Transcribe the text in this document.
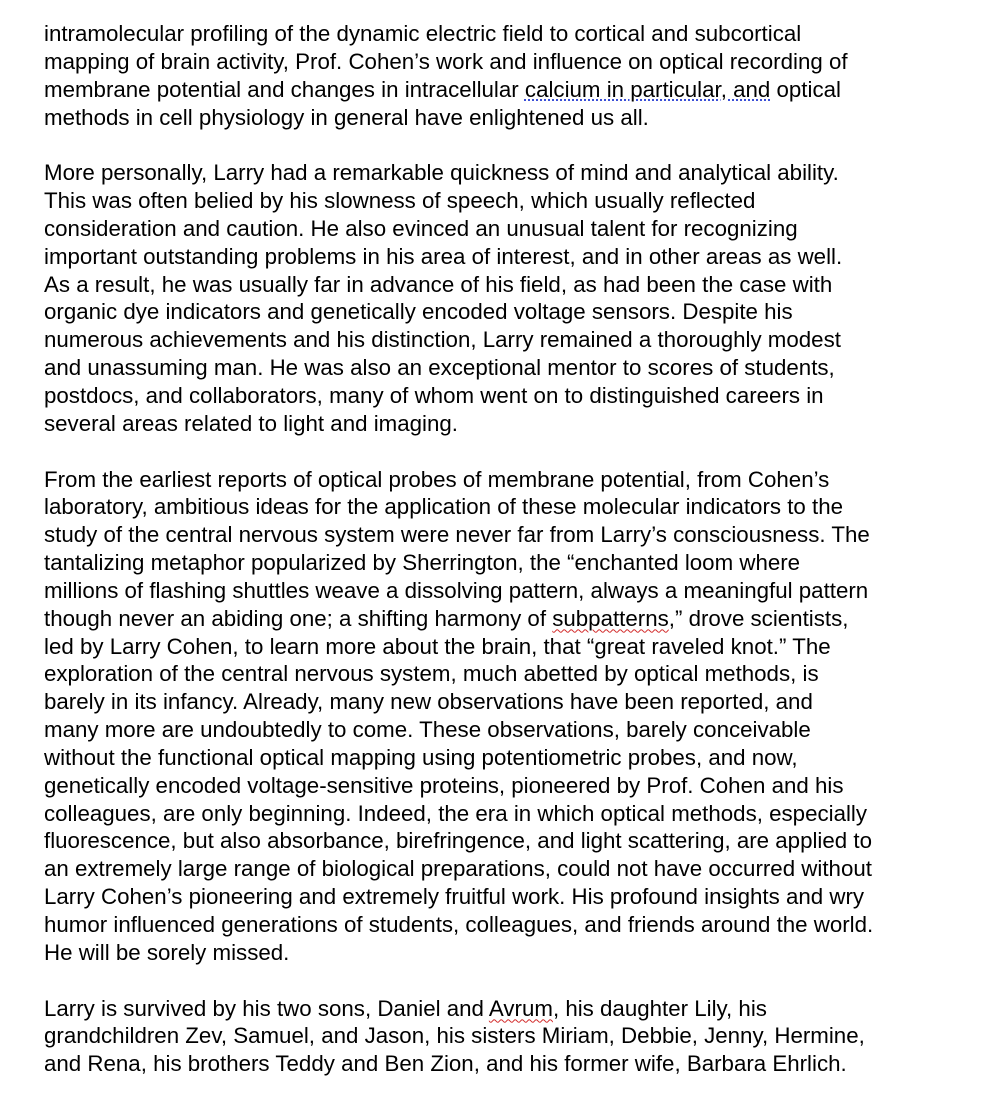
intramolecular profiling of the dynamic electric field to cortical and subcortical
mapping of brain activity, Prof. Cohen’s work and influence on optical recording of
membrane potential and changes in intracellular calcium in particular, and optical
methods in cell physiology in general have enlightened us all.

More personally, Larry had a remarkable quickness of mind and analytical ability.
This was often belied by his slowness of speech, which usually reflected
consideration and caution. He also evinced an unusual talent for recognizing
important outstanding problems in his area of interest, and in other areas as well.
As a result, he was usually far in advance of his field, as had been the case with
organic dye indicators and genetically encoded voltage sensors. Despite his
numerous achievements and his distinction, Larry remained a thoroughly modest
and unassuming man. He was also an exceptional mentor to scores of students,
postdocs, and collaborators, many of whom went on to distinguished careers in
several areas related to light and imaging.

From the earliest reports of optical probes of membrane potential, from Cohen’s
laboratory, ambitious ideas for the application of these molecular indicators to the
study of the central nervous system were never far from Larry’s consciousness. The
tantalizing metaphor popularized by Sherrington, the “enchanted loom where
millions of flashing shuttles weave a dissolving pattern, always a meaningful pattern
though never an abiding one; a shifting harmony of subpatterns,” drove scientists,
led by Larry Cohen, to learn more about the brain, that “great raveled knot.” The
exploration of the central nervous system, much abetted by optical methods, is
barely in its infancy. Already, many new observations have been reported, and
many more are undoubtedly to come. These observations, barely conceivable
without the functional optical mapping using potentiometric probes, and now,
genetically encoded voltage-sensitive proteins, pioneered by Prof. Cohen and his
colleagues, are only beginning. Indeed, the era in which optical methods, especially
fluorescence, but also absorbance, birefringence, and light scattering, are applied to
an extremely large range of biological preparations, could not have occurred without
Larry Cohen’s pioneering and extremely fruitful work. His profound insights and wry
humor influenced generations of students, colleagues, and friends around the world.
He will be sorely missed.

Larry is survived by his two sons, Daniel and Avrum, his daughter Lily, his
grandchildren Zev, Samuel, and Jason, his sisters Miriam, Debbie, Jenny, Hermine,
and Rena, his brothers Teddy and Ben Zion, and his former wife, Barbara Ehrlich.
